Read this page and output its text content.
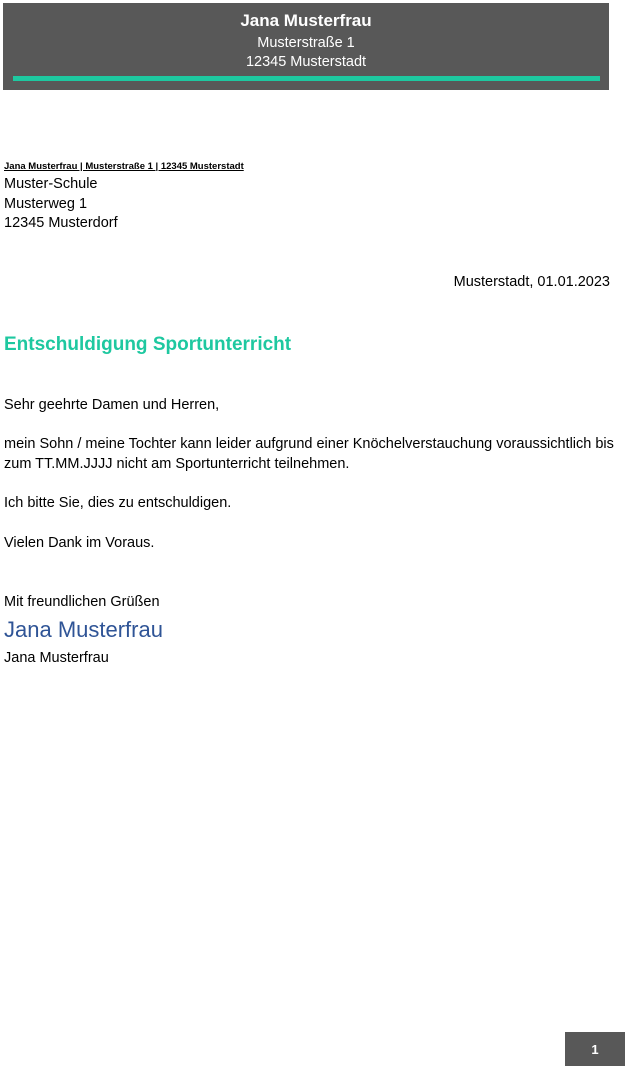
Jana Musterfrau
Musterstraße 1
12345 Musterstadt
Jana Musterfrau | Musterstraße 1 | 12345 Musterstadt
Muster-Schule
Musterweg 1
12345 Musterdorf
Musterstadt, 01.01.2023
Entschuldigung Sportunterricht
Sehr geehrte Damen und Herren,
mein Sohn / meine Tochter kann leider aufgrund einer Knöchelverstauchung voraussichtlich bis zum TT.MM.JJJJ nicht am Sportunterricht teilnehmen.
Ich bitte Sie, dies zu entschuldigen.
Vielen Dank im Voraus.
Mit freundlichen Grüßen
Jana Musterfrau
Jana Musterfrau
1
